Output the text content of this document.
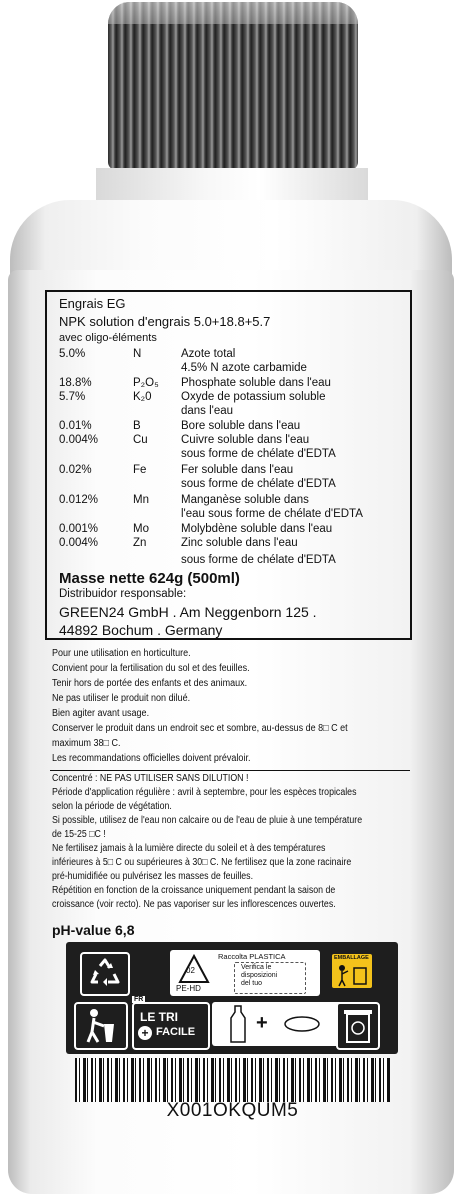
Engrais EG
NPK solution d'engrais 5.0+18.8+5.7
avec oligo-éléments
5.0%	N	Azote total
4.5% N azote carbamide
18.8%	P₂O₅ Phosphate soluble dans l'eau
5.7%	K₂0	Oxyde de potassium soluble
dans l'eau
0.01%	B	Bore soluble dans l'eau
0.004%	Cu	Cuivre soluble dans l'eau
sous forme de chélate d'EDTA
0.02%	Fe	Fer soluble dans l'eau
sous forme de chélate d'EDTA
0.012%	Mn	Manganèse soluble dans
l'eau sous forme de chélate d'EDTA
0.001%	Mo	Molybdène soluble dans l'eau
0.004%	Zn	Zinc soluble dans l'eau
sous forme de chélate d'EDTA
Masse nette 624g (500ml)
Distribuidor responsable:
GREEN24 GmbH . Am Neggenborn 125 .
44892 Bochum . Germany
Pour une utilisation en horticulture.
Convient pour la fertilisation du sol et des feuilles.
Tenir hors de portée des enfants et des animaux.
Ne pas utiliser le produit non dilué.
Bien agiter avant usage.
Conserver le produit dans un endroit sec et sombre, au-dessus de 8□ C et
maximum 38□ C.
Les recommandations officielles doivent prévaloir.
Concentré : NE PAS UTILISER SANS DILUTION !
Période d'application régulière : avril à septembre, pour les espèces tropicales
selon la période de végétation.
Si possible, utilisez de l'eau non calcaire ou de l'eau de pluie à une température
de 15-25 □C !
Ne fertilisez jamais à la lumière directe du soleil et à des températures
inférieures à 5□ C ou supérieures à 30□ C. Ne fertilisez que la zone racinaire
pré-humidifiée ou pulvérisez les masses de feuilles.
Répétition en fonction de la croissance uniquement pendant la saison de
croissance (voir recto). Ne pas vaporiser sur les inflorescences ouvertes.
pH-value 6,8
02
PE-HD
Raccolta PLASTICA
Verifica le
disposizioni
del tuo
EMBALLAGE
FR
LE TRI
+ FACILE	+
X001OKQUM5
